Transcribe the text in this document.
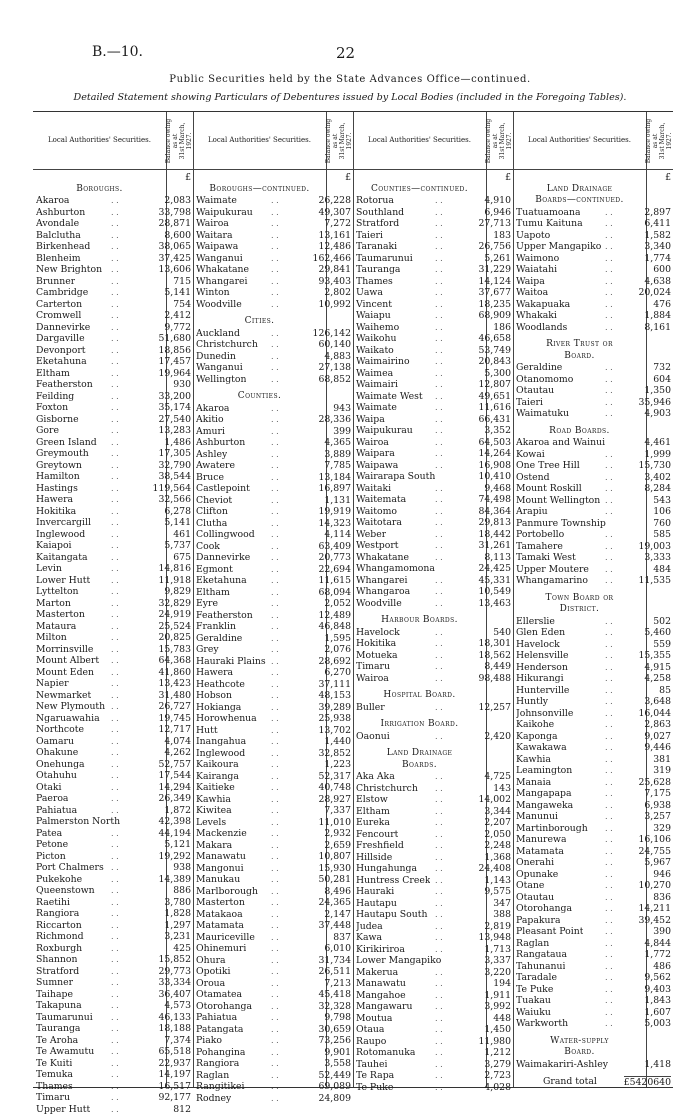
B.—10.	22
Public Securities held by the State Advances Office—continued.
Detailed Statement showing Particulars of Debentures issued by Local Bodies (included in the Foregoing Tables).
Local Authorities' Securities.	Balance owing
as at
31st March,
1927.
£
Boroughs.
Akaroa	. .	2,083
Ashburton	. .	33,798
Avondale	. .	28,871
Balclutha	. .	8,600
Birkenhead	. .	38,065
Blenheim	. .	37,425
New Brighton . .	13,606
Brunner	. .	715
Cambridge	. .	5,141
Carterton	. .	754
Cromwell	. .	2,412
Dannevirke	. .	9,772
Dargaville	. .	51,680
Devonport	. .	18,856
Eketahuna	. .	17,457
Eltham	. .	19,964
Featherston . .	930
Feilding	. .	33,200
Foxton	. .	35,174
Gisborne	. .	27,540
Gore	. .	13,283
Green Island . .	1,486
Greymouth	. .	17,305
Greytown	. .	32,790
Hamilton	. .	38,544
Hastings	. .	119,564
Hawera	. .	32,566
Hokitika	. .	6,278
Invercargill	. .	5,141
Inglewood	. .	461
Kaiapoi	. .	5,737
Kaitangata	. .	675
Levin	. .	14,816
Lower Hutt	. .	11,918
Lyttelton	. .	9,829
Marton	. .	32,829
Masterton	. .	24,919
Mataura	. .	25,524
Milton	. .	20,825
Morrinsville . .	15,783
Mount Albert . .	64,368
Mount Eden . .	41,860
Napier	. .	13,423
Newmarket . .	31,480
New Plymouth . .	26,727
Ngaruawahia . .	19,745
Northcote	. .	12,717
Oamaru	. .	4,074
Ohakune	. .	4,262
Onehunga	. .	52,757
Otahuhu	. .	17,544
Otaki	. .	14,294
Paeroa	. .	26,349
Pahiatua	. .	1,872
Palmerston North	42,398
Patea	. .	44,194
Petone	. .	5,121
Picton	. .	19,292
Port Chalmers . .	938
Pukekohe	. .	14,389
Queenstown . .	886
Raetihi	. .	3,780
Rangiora	. .	1,828
Riccarton	. .	1,297
Richmond	. .	3,231
Roxburgh	. .	425
Shannon	. .	15,852
Stratford	. .	29,773
Sumner	. .	33,334
Taihape	. .	36,407
Takapuna	. .	4,573
Taumarunui . .	46,133
Tauranga	. .	18,188
Te Aroha	. .	7,374
Te Awamutu . .	65,518
Te Kuiti	. .	22,937
Temuka	. .	14,197
Thames	. .	16,517
Timaru	. .	92,177
Upper Hutt	. .	812
Local Authorities' Securities.	Balance owing
as at
31st March,
1927.
£
Boroughs—continued.
Waimate	. .	26,228
Waipukurau . .	49,307
Wairoa	. .	7,272
Waitara	. .	13,161
Waipawa	. .	12,486
Wanganui	. .	162,466
Whakatane	. .	29,841
Whangarei	. .	93,403
Winton	. .	2,802
Woodville	. .	10,992
Cities.
Auckland	. .	126,142
Christchurch . .	60,140
Dunedin	. .	4,883
Wanganui	. .	27,138
Wellington	. .	68,852
Counties.
Akaroa	. .	943
Akitio	. .	28,336
Amuri	. .	399
Ashburton	. .	4,365
Ashley	. .	3,889
Awatere	. .	7,785
Bruce	. .	13,184
Castlepoint	. .	16,897
Cheviot	. .	1,131
Clifton	. .	19,919
Clutha	. .	14,323
Collingwood . .	4,114
Cook	. .	63,409
Dannevirke	. .	20,773
Egmont	. .	22,694
Eketahuna	. .	11,615
Eltham	. .	68,094
Eyre	. .	2,052
Featherston . .	12,489
Franklin	. .	46,848
Geraldine	. .	1,595
Grey	. .	2,076
Hauraki Plains . .	28,692
Hawera	. .	6,270
Heathcote	. .	37,111
Hobson	. .	48,153
Hokianga	. .	39,289
Horowhenua . .	25,938
Hutt	. .	13,702
Inangahua	. .	1,440
Inglewood	. .	32,852
Kaikoura	. .	1,223
Kairanga	. .	52,317
Kaitieke	. .	40,748
Kawhia	. .	28,927
Kiwitea	. .	7,337
Levels	. .	11,010
Mackenzie	. .	2,932
Makara	. .	2,659
Manawatu	. .	10,807
Mangonui	. .	15,930
Manukau	. .	50,281
Marlborough . .	8,496
Masterton	. .	24,365
Matakaoa	. .	2,147
Matamata	. .	37,448
Mauriceville . .	837
Ohinemuri	. .	6,010
Ohura	. .	31,734
Opotiki	. .	26,511
Oroua	. .	7,213
Otamatea	. .	45,418
Otorohanga . .	32,328
Pahiatua	. .	9,798
Patangata	. .	30,659
Piako	. .	73,256
Pohangina	. .	9,901
Rangiora	. .	3,558
Raglan	. .	52,449
Rangitikei	. .	69,089
Rodney	. .	24,809
Local Authorities' Securities.	Balance owing
as at
31st March,
1927.
£
Counties—continued.
Rotorua	. .	4,910
Southland	. .	6,946
Stratford	. .	27,713
Taieri	. .	183
Taranaki	. .	26,756
Taumarunui	. .	5,261
Tauranga	. .	31,229
Thames	. .	14,124
Uawa	. .	37,677
Vincent	. .	18,235
Waiapu	. .	68,909
Waihemo	. .	186
Waikohu	. .	46,658
Waikato	. .	53,749
Waimairino	. .	20,843
Waimea	. .	5,300
Waimairi	. .	12,807
Waimate West . .	49,651
Waimate	. .	11,616
Waipa	. .	66,431
Waipukurau	. .	3,352
Wairoa	. .	64,503
Waipara	. .	14,264
Waipawa	. .	16,908
Wairarapa South	10,410
Waitaki	. .	9,468
Waitemata	. .	74,498
Waitomo	. .	84,364
Waitotara	. .	29,813
Weber	. .	18,442
Westport	. .	31,261
Whakatane	. .	8,113
Whangamomona	24,425
Whangarei	. .	45,331
Whangaroa	. .	10,549
Woodville	. .	13,463
Harbour Boards.
Havelock	. .	540
Hokitika	. .	18,301
Motueka	. .	18,562
Timaru	. .	8,449
Wairoa	. .	98,488
Hospital Board.
Buller	. .	12,257
Irrigation Board.
Oaonui	. .	2,420
Land Drainage
Boards.
Aka Aka	. .	4,725
Christchurch . .	143
Elstow	. .	14,002
Eltham	. .	3,344
Eureka	. .	2,207
Fencourt	. .	2,050
Freshfield	. .	2,248
Hillside	. .	1,368
Hungahunga . .	24,408
Huntress Creek . .	1,143
Hauraki	. .	9,575
Hautapu	. .	347
Hautapu South . .	388
Judea	. .	2,819
Kawa	. .	13,948
Kirikiriroa	. .	1,713
Lower Mangapiko	3,337
Makerua	. .	3,220
Manawatu	. .	194
Mangahoe	. .	1,911
Mangawaru	. .	3,992
Moutua	. .	448
Otaua	. .	1,450
Raupo	. .	11,980
Rotomanuka . .	1,212
Tauhei	. .	3,279
Te Rapa	. .	2,723
Te Puke	. .	4,028
Local Authorities' Securities.	Balance owing
as at
31st March,
1927.
£
Land Drainage
Boards—continued.
Tuatuamoana	. .	2,897
Tumu Kaituna	. .	6,411
Uapoto	. .	1,582
Upper Mangapiko . .	3,340
Waimono	. .	1,774
Waiatahi	. .	600
Waipa	. .	4,638
Waitoa	. .	20,024
Wakapuaka	. .	476
Whakaki	. .	1,884
Woodlands	. .	8,161
River Trust or
Board.
Geraldine	. .	732
Otanomomo	. .	604
Otautau	. .	1,350
Taieri	. .	35,946
Waimatuku	. .	4,903
Road Boards.
Akaroa and Wainui	4,461
Kowai	. .	1,999
One Tree Hill	. .	15,730
Ostend	. .	3,402
Mount Roskill	. .	8,284
Mount Wellington . .	543
Arapiu	. .	106
Panmure Township	760
Portobello	. .	585
Tamahere	. .	19,003
Tamaki West	. .	3,333
Upper Moutere . .	484
Whangamarino . .	11,535
Town Board or
District.
Ellerslie	. .	502
Glen Eden	. .	5,460
Havelock	. .	559
Helensville	. .	15,355
Henderson	. .	4,915
Hikurangi	. .	4,258
Hunterville	. .	85
Huntly	. .	3,648
Johnsonville	. .	16,044
Kaikohe	. .	2,863
Kaponga	. .	9,027
Kawakawa	. .	9,446
Kawhia	. .	381
Leamington	. .	319
Manaia	. .	25,628
Mangapapa	. .	7,175
Mangaweka	. .	6,938
Manunui	. .	3,257
Martinborough . .	329
Manurewa	. .	16,106
Matamata	. .	24,755
Onerahi	. .	5,967
Opunake	. .	946
Otane	. .	10,270
Otautau	. .	836
Otorohanga	. .	14,211
Papakura	. .	39,452
Pleasant Point	. .	390
Raglan	. .	4,844
Rangataua	. .	1,772
Tahunanui	. .	486
Taradale	. .	9,562
Te Puke	. .	9,403
Tuakau	. .	1,843
Waiuku	. .	1,607
Warkworth	. .	5,003
Water-supply
Board.
Waimakariri-Ashley	1,418
Grand total	£5420640
